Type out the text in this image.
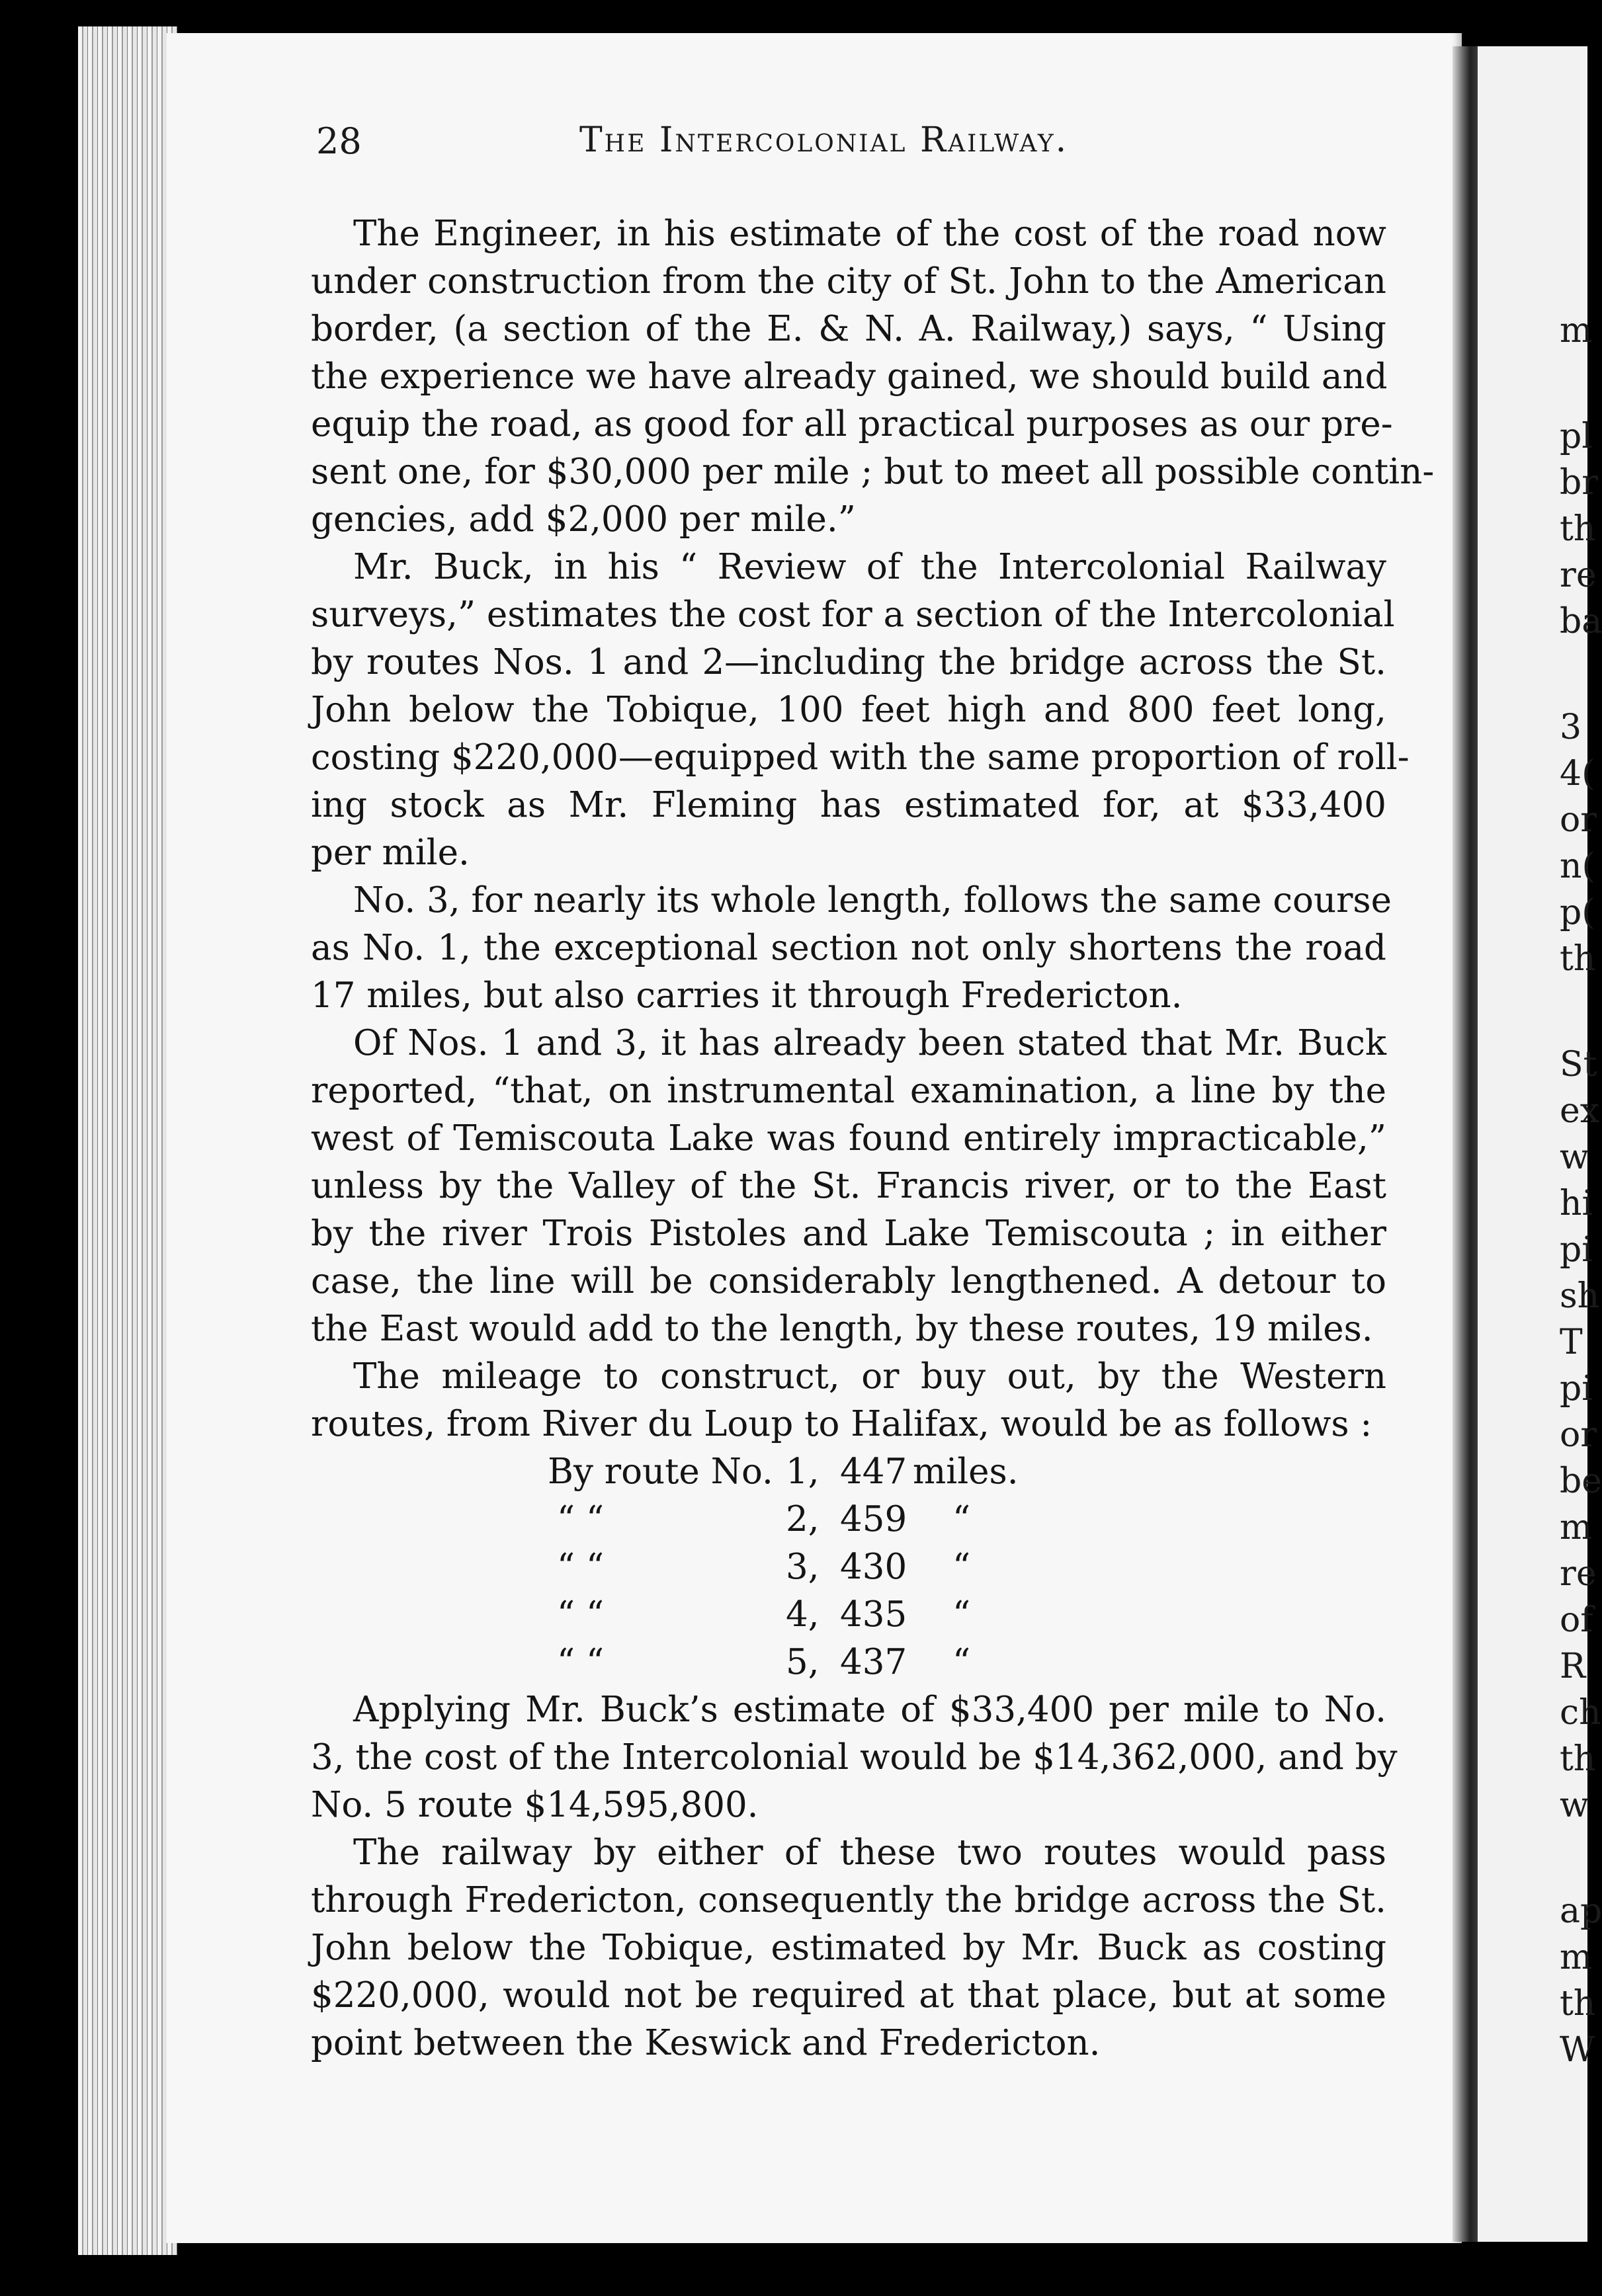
m
pl
br
th
re
ba
3
4(
or
n(
p(
th
St
ex
w
hi
pi
sh
T
pi
or
be
m
re
of
R
ch
th
w
ap
m
th
W
28	The Intercolonial Railway.
The Engineer, in his estimate of the cost of the road now
under construction from the city of St. John to the American
border, (a section of the E. & N. A. Railway,) says, “ Using
the experience we have already gained, we should build and
equip the road, as good for all practical purposes as our pre-
sent one, for $30,000 per mile ; but to meet all possible contin-
gencies, add $2,000 per mile.”
Mr. Buck, in his “ Review of the Intercolonial Railway
surveys,” estimates the cost for a section of the Intercolonial
by routes Nos. 1 and 2—including the bridge across the St.
John below the Tobique, 100 feet high and 800 feet long,
costing $220,000—equipped with the same proportion of roll-
ing stock as Mr. Fleming has estimated for, at $33,400
per mile.
No. 3, for nearly its whole length, follows the same course
as No. 1, the exceptional section not only shortens the road
17 miles, but also carries it through Fredericton.
Of Nos. 1 and 3, it has already been stated that Mr. Buck
reported, “that, on instrumental examination, a line by the
west of Temiscouta Lake was found entirely impracticable,”
unless by the Valley of the St. Francis river, or to the East
by the river Trois Pistoles and Lake Temiscouta ; in either
case, the line will be considerably lengthened. A detour to
the East would add to the length, by these routes, 19 miles.
The mileage to construct, or buy out, by the Western
routes, from River du Loup to Halifax, would be as follows :
By route No. 1, 447 miles.
“ “	2, 459 “
“ “	3, 430 “
“ “	4, 435 “
“ “	5, 437 “
Applying Mr. Buck’s estimate of $33,400 per mile to No.
3, the cost of the Intercolonial would be $14,362,000, and by
No. 5 route $14,595,800.
The railway by either of these two routes would pass
through Fredericton, consequently the bridge across the St.
John below the Tobique, estimated by Mr. Buck as costing
$220,000, would not be required at that place, but at some
point between the Keswick and Fredericton.
